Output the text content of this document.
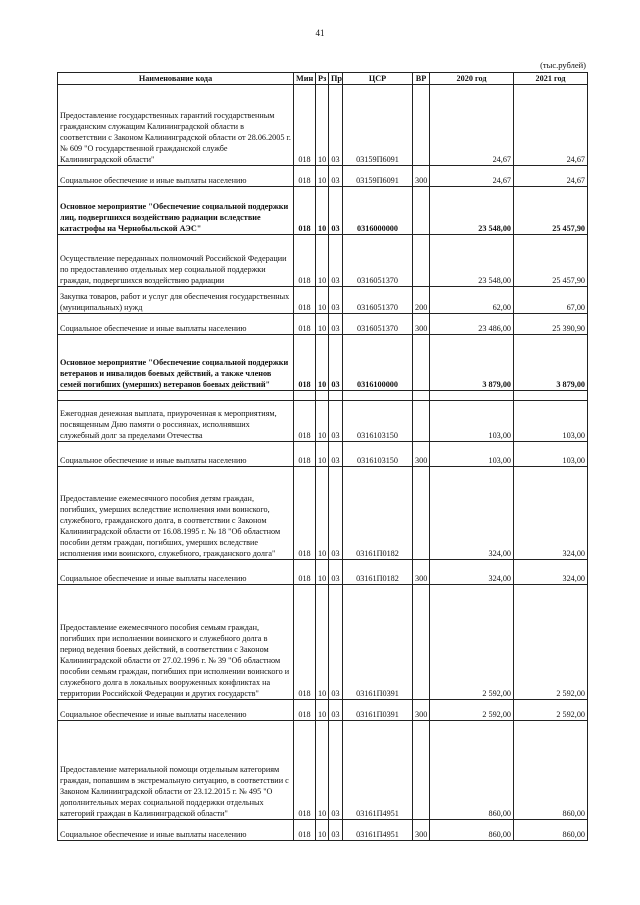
41
(тыс.рублей)
Наименование кода	Мин	Рз	Пр	ЦСР	ВР	2020 год	2021 год
Предоставление государственных гарантий государственным гражданским служащим Калининградской области в соответствии с Законом Калининградской области от 28.06.2005 г. № 609 "О государственной гражданской службе Калининградской области"	018	10	03	03159П6091		24,67	24,67
Социальное обеспечение и иные выплаты населению	018	10	03	03159П6091	300	24,67	24,67
Основное мероприятие "Обеспечение социальной поддержки лиц, подвергшихся воздействию радиации вследствие катастрофы на Чернобыльской АЭС"	018	10	03	0316000000		23 548,00	25 457,90
Осуществление переданных полномочий Российской Федерации по предоставлению отдельных мер социальной поддержки граждан, подвергшихся воздействию радиации	018	10	03	0316051370		23 548,00	25 457,90
Закупка товаров, работ и услуг для обеспечения государственных (муниципальных) нужд	018	10	03	0316051370	200	62,00	67,00
Социальное обеспечение и иные выплаты населению	018	10	03	0316051370	300	23 486,00	25 390,90
Основное мероприятие "Обеспечение социальной поддержки ветеранов и инвалидов боевых действий, а также членов семей погибших (умерших) ветеранов боевых действий"	018	10	03	0316100000		3 879,00	3 879,00

Ежегодная денежная выплата, приуроченная к мероприятиям, посвященным Дню памяти о россиянах, исполнявших служебный долг за пределами Отечества	018	10	03	0316103150		103,00	103,00
Социальное обеспечение и иные выплаты населению	018	10	03	0316103150	300	103,00	103,00
Предоставление ежемесячного пособия детям граждан, погибших, умерших вследствие исполнения ими воинского, служебного, гражданского долга, в соответствии с Законом Калининградской области от 16.08.1995 г. № 18 "Об областном пособии детям граждан, погибших, умерших вследствие исполнения ими воинского, служебного, гражданского долга"	018	10	03	03161П0182		324,00	324,00
Социальное обеспечение и иные выплаты населению	018	10	03	03161П0182	300	324,00	324,00
Предоставление ежемесячного пособия семьям граждан, погибших при исполнении воинского и служебного долга в период ведения боевых действий, в соответствии с Законом Калининградской области от 27.02.1996 г. № 39 "Об областном пособии семьям граждан, погибших при исполнении воинского и служебного долга в локальных вооруженных конфликтах на территории Российской Федерации и других государств"	018	10	03	03161П0391		2 592,00	2 592,00
Социальное обеспечение и иные выплаты населению	018	10	03	03161П0391	300	2 592,00	2 592,00
Предоставление материальной помощи отдельным категориям граждан, попавшим в экстремальную ситуацию, в соответствии с Законом Калининградской области от 23.12.2015 г. № 495 "О дополнительных мерах социальной поддержки отдельных категорий граждан в Калининградской области"	018	10	03	03161П4951		860,00	860,00
Социальное обеспечение и иные выплаты населению	018	10	03	03161П4951	300	860,00	860,00
